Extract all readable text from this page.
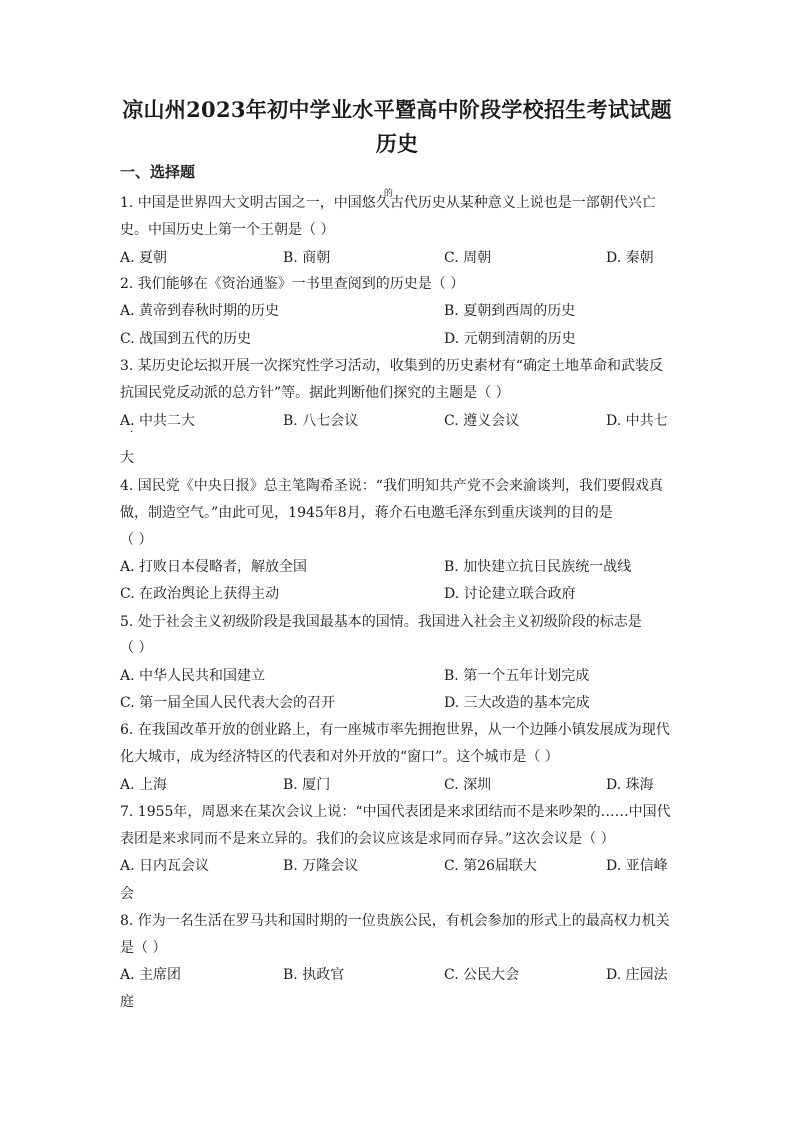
凉山州2023年初中学业水平暨高中阶段学校招生考试试题
历史
一、选择题
1. 中国是世界四大文明古国之一，中国悠久
的
古代历史从某种意义上说也是一部朝代兴亡
史。中国历史上第一个王朝是（ ）
A. 夏朝	B. 商朝	C. 周朝	D. 秦朝
2. 我们能够在《资治通鉴》一书里查阅到的历史是（ ）
A. 黄帝到春秋时期的历史	B. 夏朝到西周的历史
C. 战国到五代的历史	D. 元朝到清朝的历史
3. 某历史论坛拟开展一次探究性学习活动，收集到的历史素材有“确定土地革命和武装反
抗国民党反动派的总方针”等。据此判断他们探究的主题是（ ）
A. 中共二大
·
B. 八七会议	C. 遵义会议	D. 中共七
大
4. 国民党《中央日报》总主笔陶希圣说：“我们明知共产党不会来渝谈判，我们要假戏真
做，制造空气。”由此可见，1945年8月，蒋介石电邀毛泽东到重庆谈判的目的是
（ ）
A. 打败日本侵略者，解放全国	B. 加快建立抗日民族统一战线
C. 在政治舆论上获得主动	D. 讨论建立联合政府
5. 处于社会主义初级阶段是我国最基本的国情。我国进入社会主义初级阶段的标志是
（ ）
A. 中华人民共和国建立	B. 第一个五年计划完成
C. 第一届全国人民代表大会的召开	D. 三大改造的基本完成
6. 在我国改革开放的创业路上，有一座城市率先拥抱世界，从一个边陲小镇发展成为现代
化大城市，成为经济特区的代表和对外开放的“窗口”。这个城市是（ ）
A. 上海	B. 厦门	C. 深圳	D. 珠海
7. 1955年，周恩来在某次会议上说：“中国代表团是来求团结而不是来吵架的……中国代
表团是来求同而不是来立异的。我们的会议应该是求同而存异。”这次会议是（ ）
A. 日内瓦会议	B. 万隆会议	C. 第26届联大	D. 亚信峰
会
8. 作为一名生活在罗马共和国时期的一位贵族公民，有机会参加的形式上的最高权力机关
是（ ）
A. 主席团	B. 执政官	C. 公民大会	D. 庄园法
庭
